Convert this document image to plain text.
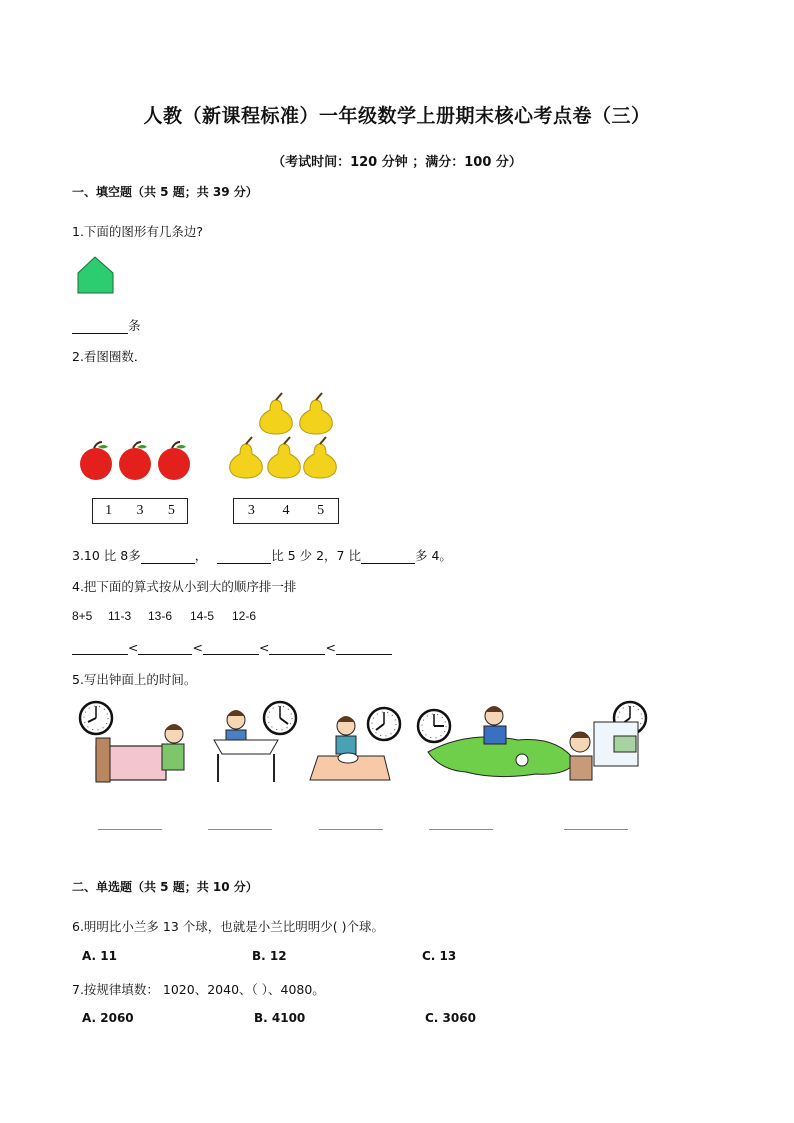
人教（新课程标准）一年级数学上册期末核心考点卷（三）
（考试时间：120 分钟 ；满分：100 分）
一、填空题（共 5 题；共 39 分）
1.下面的图形有几条边?
条
2.看图圈数．
1 3 5	3 4 5
3.10 比 8多	，	比 5 少 2，7 比	多 4。
4.把下面的算式按从小到大的顺序排一排
8+5	11-3	13-6	14-5	12-6
<	<	<	<
5.写出钟面上的时间。
二、单选题（共 5 题；共 10 分）
6.明明比小兰多 13 个球，也就是小兰比明明少( )个球。
A. 11	B. 12	C. 13
7.按规律填数： 1020、2040、（ ）、4080。
A. 2060	B. 4100	C. 3060
